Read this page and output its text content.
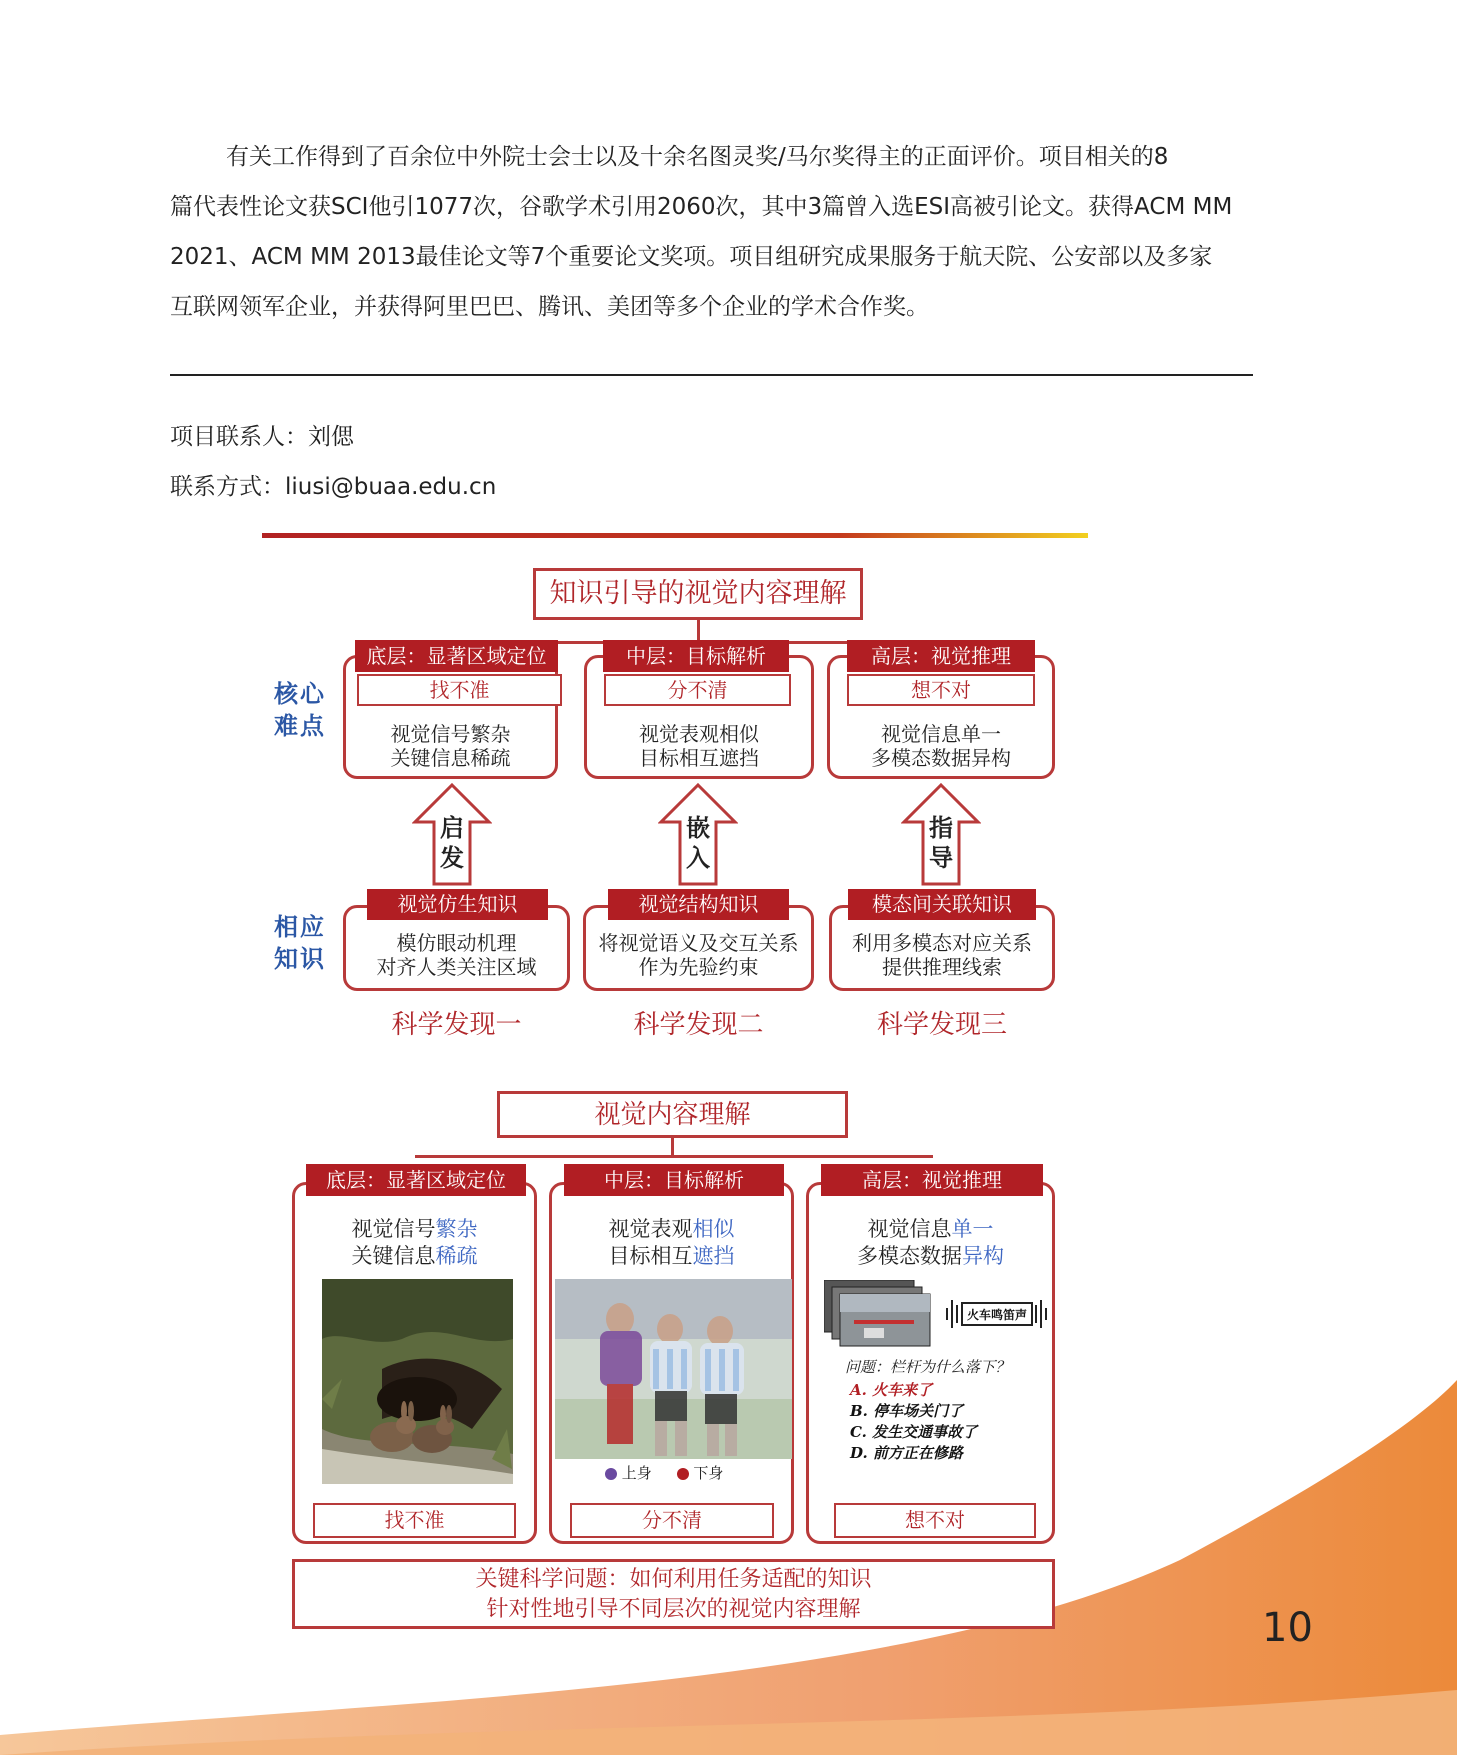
有关工作得到了百余位中外院士会士以及十余名图灵奖/马尔奖得主的正面评价。项目相关的8
篇代表性论文获SCI他引1077次，谷歌学术引用2060次，其中3篇曾入选ESI高被引论文。获得ACM MM
2021、ACM MM 2013最佳论文等7个重要论文奖项。项目组研究成果服务于航天院、公安部以及多家
互联网领军企业，并获得阿里巴巴、腾讯、美团等多个企业的学术合作奖。

项目联系人：刘偲

联系方式：liusi@buaa.edu.cn

知识引导的视觉内容理解
核心
难点
相应
知识
底层：显著区域定位
找不准
视觉信号繁杂
关键信息稀疏
中层：目标解析
分不清
视觉表观相似
目标相互遮挡
高层：视觉推理
想不对
视觉信息单一
多模态数据异构
启
发
嵌
入
指
导
视觉仿生知识
模仿眼动机理
对齐人类关注区域
视觉结构知识
将视觉语义及交互关系
作为先验约束
模态间关联知识
利用多模态对应关系
提供推理线索
科学发现一	科学发现二	科学发现三
视觉内容理解
底层：显著区域定位
视觉信号繁杂
关键信息稀疏
找不准
中层：目标解析
视觉表观相似
目标相互遮挡
上身	下身
分不清
高层：视觉推理
视觉信息单一
多模态数据异构
火车鸣笛声
问题：栏杆为什么落下？
A. 火车来了
B. 停车场关门了
C. 发生交通事故了
D. 前方正在修路
想不对
关键科学问题：如何利用任务适配的知识
针对性地引导不同层次的视觉内容理解	10
